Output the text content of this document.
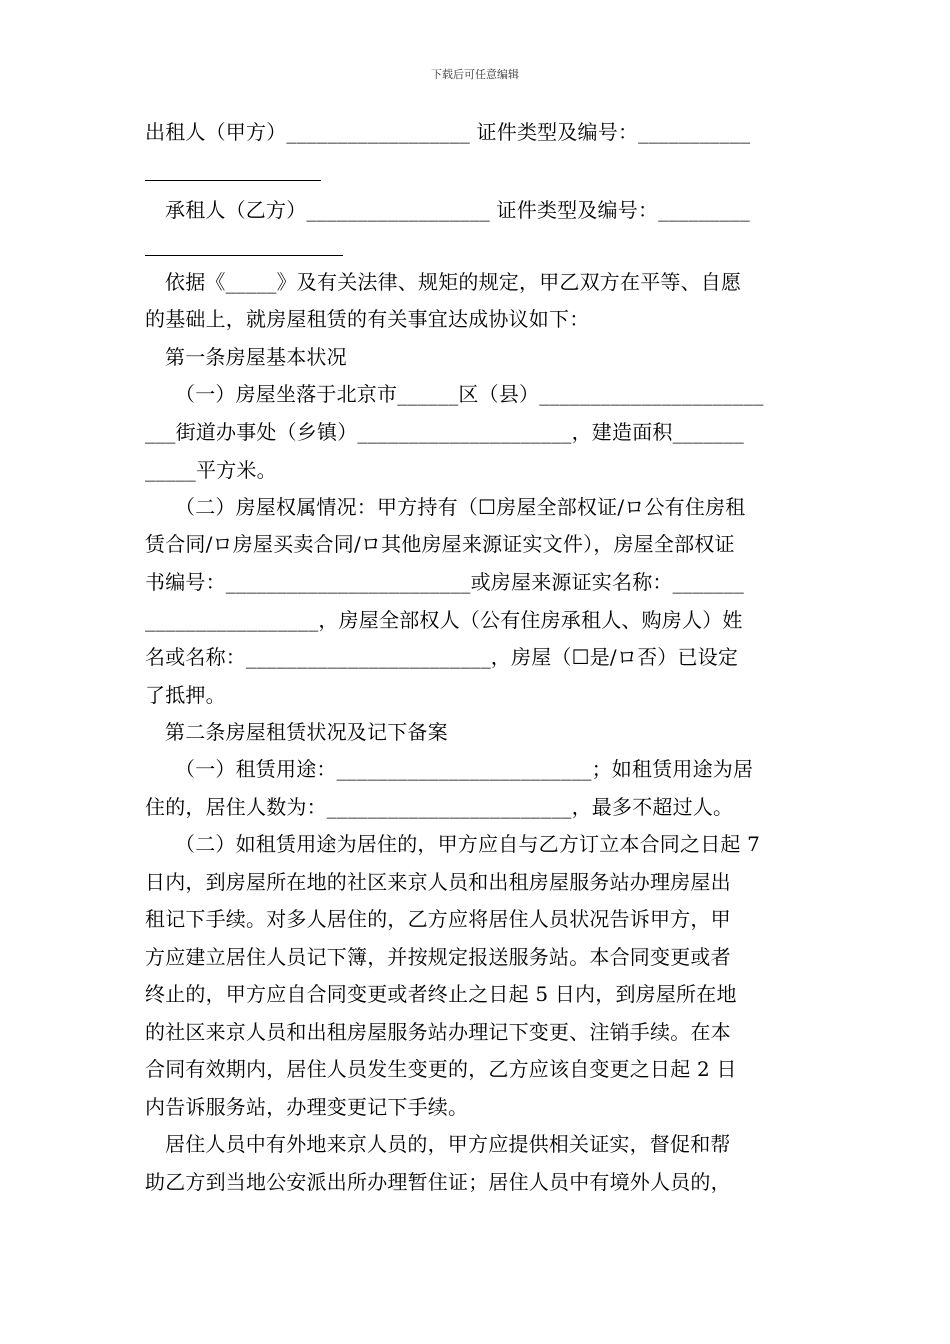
下载后可任意编辑
出租人（甲方）__________________ 证件类型及编号：___________
承租人（乙方）__________________ 证件类型及编号：_________
依据《_____》及有关法律、规矩的规定，甲乙双方在平等、自愿
的基础上，就房屋租赁的有关事宜达成协议如下：
第一条房屋基本状况
（一）房屋坐落于北京市______区（县）______________________
___街道办事处（乡镇）_____________________，建造面积_______
_____平方米。
（二）房屋权属情况：甲方持有（☐房屋全部权证/ロ公有住房租
赁合同/ロ房屋买卖合同/ロ其他房屋来源证实文件），房屋全部权证
书编号：________________________或房屋来源证实名称：_______
_________________，房屋全部权人（公有住房承租人、购房人）姓
名或名称：________________________，房屋（☐是/ロ否）已设定
了抵押。
第二条房屋租赁状况及记下备案
（一）租赁用途：_________________________；如租赁用途为居
住的，居住人数为：________________________，最多不超过人。
（二）如租赁用途为居住的，甲方应自与乙方订立本合同之日起 7
日内，到房屋所在地的社区来京人员和出租房屋服务站办理房屋出
租记下手续。对多人居住的，乙方应将居住人员状况告诉甲方，甲
方应建立居住人员记下簿，并按规定报送服务站。本合同变更或者
终止的，甲方应自合同变更或者终止之日起 5 日内，到房屋所在地
的社区来京人员和出租房屋服务站办理记下变更、注销手续。在本
合同有效期内，居住人员发生变更的，乙方应该自变更之日起 2 日
内告诉服务站，办理变更记下手续。
居住人员中有外地来京人员的，甲方应提供相关证实，督促和帮
助乙方到当地公安派出所办理暂住证；居住人员中有境外人员的，
